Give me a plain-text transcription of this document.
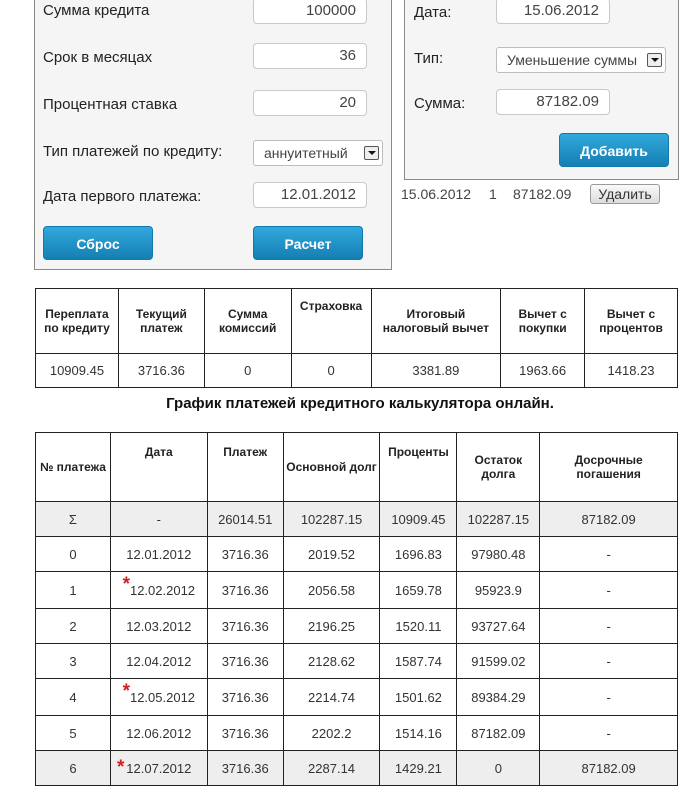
Сумма кредита	100000
Срок в месяцах	36
Процентная ставка	20
Тип платежей по кредиту:	аннуитетный
Дата первого платежа:	12.01.2012
Сброс	Расчет
Дата:	15.06.2012
Тип:	Уменьшение суммы
Сумма:	87182.09
Добавить
15.06.2012 1 87182.09	Удалить
Переплата по кредиту	Текущий платеж	Сумма комиссий	Страховка	Итоговый налоговый вычет	Вычет с покупки	Вычет с процентов
10909.45	3716.36	0	0	3381.89	1963.66	1418.23
График платежей кредитного калькулятора онлайн.
№ платежа	Дата	Платеж	Основной долг	Проценты	Остаток долга	Досрочные погашения
Σ	-	26014.51	102287.15	10909.45	102287.15	87182.09
0	12.01.2012	3716.36	2019.52	1696.83	97980.48	-
1	*12.02.2012	3716.36	2056.58	1659.78	95923.9	-
2	12.03.2012	3716.36	2196.25	1520.11	93727.64	-
3	12.04.2012	3716.36	2128.62	1587.74	91599.02	-
4	*12.05.2012	3716.36	2214.74	1501.62	89384.29	-
5	12.06.2012	3716.36	2202.2	1514.16	87182.09	-
6	12.07.2012	3716.36	2287.14	1429.21	0	87182.09
*
